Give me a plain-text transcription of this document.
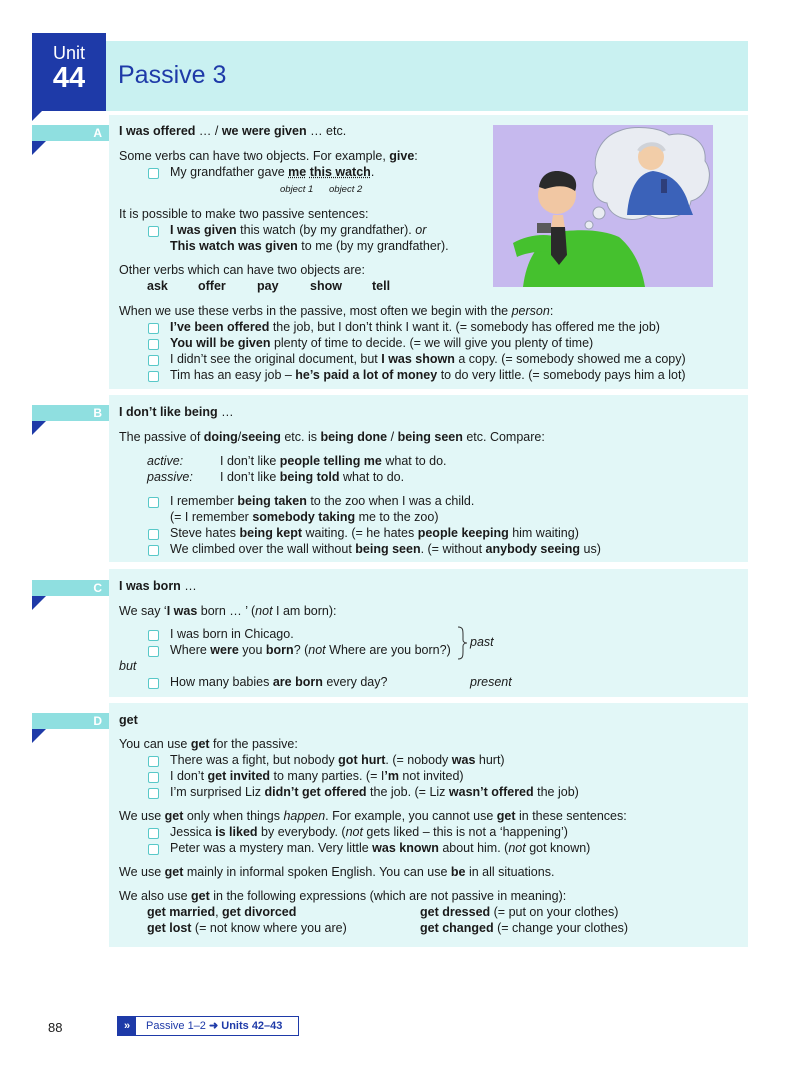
Passive 3
Unit
44
A
B
C
D
I was offered … / we were given … etc.
Some verbs can have two objects. For example, give:
My grandfather gave me this watch.
object 1 object 2
It is possible to make two passive sentences:
I was given this watch (by my grandfather). or
This watch was given to me (by my grandfather).
Other verbs which can have two objects are:
ask offer pay	show tell
When we use these verbs in the passive, most often we begin with the person:
I’ve been offered the job, but I don’t think I want it. (= somebody has offered me the job)
You will be given plenty of time to decide. (= we will give you plenty of time)
I didn’t see the original document, but I was shown a copy. (= somebody showed me a copy)
Tim has an easy job – he’s paid a lot of money to do very little. (= somebody pays him a lot)
I don’t like being …
The passive of doing/seeing etc. is being done / being seen etc. Compare:
active:	I don’t like people telling me what to do.
passive: I don’t like being told what to do.
I remember being taken to the zoo when I was a child.
(= I remember somebody taking me to the zoo)
Steve hates being kept waiting. (= he hates people keeping him waiting)
We climbed over the wall without being seen. (= without anybody seeing us)
I was born …
We say ‘I was born … ’ (not I am born):
I was born in Chicago.
Where were you born? (not Where are you born?)
past
but
How many babies are born every day?	present
get
You can use get for the passive:
There was a fight, but nobody got hurt. (= nobody was hurt)
I don’t get invited to many parties. (= I’m not invited)
I’m surprised Liz didn’t get offered the job. (= Liz wasn’t offered the job)
We use get only when things happen. For example, you cannot use get in these sentences:
Jessica is liked by everybody. (not gets liked – this is not a ‘happening’)
Peter was a mystery man. Very little was known about him. (not got known)
We use get mainly in informal spoken English. You can use be in all situations.
We also use get in the following expressions (which are not passive in meaning):
get married, get divorced	get dressed (= put on your clothes)
get lost (= not know where you are)	get changed (= change your clothes)
88	»	Passive 1–2 ➜ Units 42–43
